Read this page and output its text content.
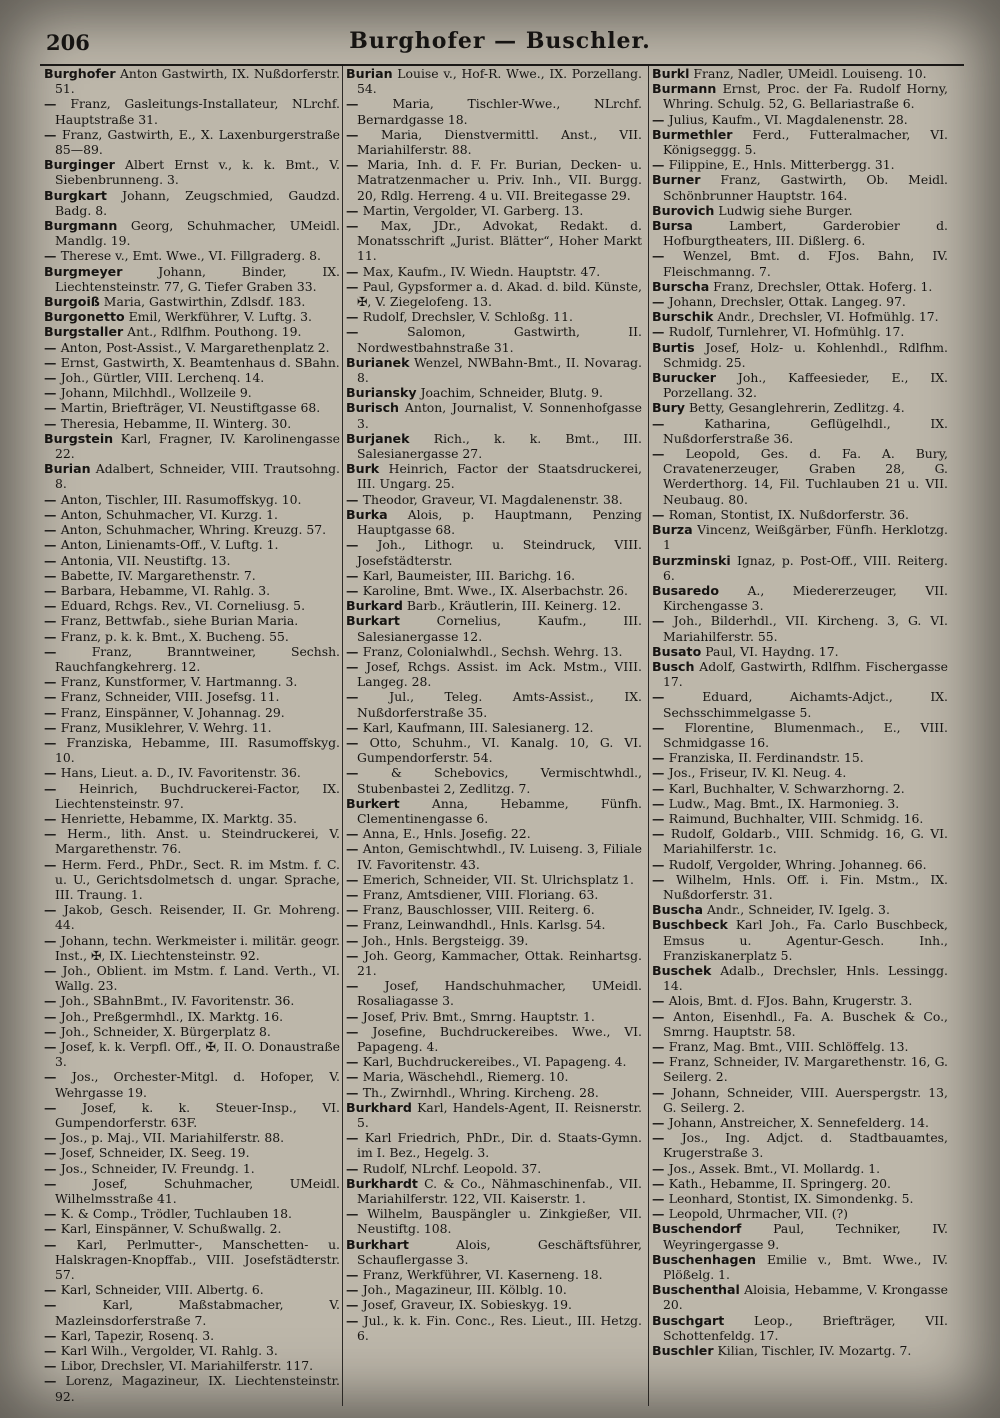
206	Burghofer — Buschler.
Burghofer Anton Gastwirth, IX. Nußdorferstr. 51.
— Franz, Gasleitungs-Installateur, NLrchf. Hauptstraße 31.
— Franz, Gastwirth, E., X. Laxenburgerstraße 85—89.
Burginger Albert Ernst v., k. k. Bmt., V. Siebenbrunneng. 3.
Burgkart Johann, Zeugschmied, Gaudzd. Badg. 8.
Burgmann Georg, Schuhmacher, UMeidl. Mandlg. 19.
— Therese v., Emt. Wwe., VI. Fillgraderg. 8.
Burgmeyer	Johann, Binder, IX. Liechtensteinstr. 77, G. Tiefer Graben 33.
Burgoiß Maria, Gastwirthin, Zdlsdf. 183.
Burgonetto Emil, Werkführer, V. Luftg. 3.
Burgstaller Ant., Rdlfhm. Pouthong. 19.
— Anton, Post-Assist., V. Margarethenplatz 2.
— Ernst, Gastwirth, X. Beamtenhaus d. SBahn.
— Joh., Gürtler, VIII. Lerchenq. 14.
— Johann, Milchhdl., Wollzeile 9.
— Martin, Briefträger, VI. Neustiftgasse 68.
— Theresia, Hebamme, II. Winterg. 30.
Burgstein Karl, Fragner, IV. Karolinengasse 22.
Burian Adalbert, Schneider, VIII. Trautsohng. 8.
— Anton, Tischler, III. Rasumoffskyg. 10.
— Anton, Schuhmacher, VI. Kurzg. 1.
— Anton, Schuhmacher, Whring. Kreuzg. 57.
— Anton, Linienamts-Off., V. Luftg. 1.
— Antonia, VII. Neustiftg. 13.
— Babette, IV. Margarethenstr. 7.
— Barbara, Hebamme, VI. Rahlg. 3.
— Eduard, Rchgs. Rev., VI. Corneliusg. 5.
— Franz, Bettwfab., siehe Burian Maria.
— Franz, p. k. k. Bmt., X. Bucheng. 55.
— Franz, Branntweiner, Sechsh. Rauchfangkehrerg. 12.
— Franz, Kunstformer, V. Hartmanng. 3.
— Franz, Schneider, VIII. Josefsg. 11.
— Franz, Einspänner, V. Johannag. 29.
— Franz, Musiklehrer, V. Wehrg. 11.
— Franziska, Hebamme, III. Rasumoffskyg. 10.
— Hans, Lieut. a. D., IV. Favoritenstr. 36.
— Heinrich, Buchdruckerei-Factor, IX. Liechtensteinstr. 97.
— Henriette, Hebamme, IX. Marktg. 35.
— Herm., lith. Anst. u. Steindruckerei, V. Margarethenstr. 76.
— Herm. Ferd., PhDr., Sect. R. im Mstm. f. C. u. U., Gerichtsdolmetsch d. ungar. Sprache, III. Traung. 1.
— Jakob, Gesch. Reisender, II. Gr. Mohreng. 44.
— Johann, techn. Werkmeister i. militär. geogr. Inst., ✠, IX. Liechtensteinstr. 92.
— Joh., Oblient. im Mstm. f. Land. Verth., VI. Wallg. 23.
— Joh., SBahnBmt., IV. Favoritenstr. 36.
— Joh., Preßgermhdl., IX. Marktg. 16.
— Joh., Schneider, X. Bürgerplatz 8.
— Josef, k. k. Verpfl. Off., ✠, II. O. Donaustraße 3.
— Jos., Orchester-Mitgl. d. Hofoper, V. Wehrgasse 19.
— Josef, k. k. Steuer-Insp., VI. Gumpendorferstr. 63F.
— Jos., p. Maj., VII. Mariahilferstr. 88.
— Josef, Schneider, IX. Seeg. 19.
— Jos., Schneider, IV. Freundg. 1.
— Josef, Schuhmacher, UMeidl. Wilhelmsstraße 41.
— K. & Comp., Trödler, Tuchlauben 18.
— Karl, Einspänner, V. Schußwallg. 2.
— Karl, Perlmutter-, Manschetten- u. Halskragen-Knopffab., VIII. Josefstädterstr. 57.
— Karl, Schneider, VIII. Albertg. 6.
— Karl, Maßstabmacher, V. Mazleinsdorferstraße 7.
— Karl, Tapezir, Rosenq. 3.
— Karl Wilh., Vergolder, VI. Rahlg. 3.
— Libor, Drechsler, VI. Mariahilferstr. 117.
— Lorenz, Magazineur, IX. Liechtensteinstr. 92.
Burian Louise v., Hof-R. Wwe., IX. Porzellang. 54.
— Maria, Tischler-Wwe., NLrchf. Bernardgasse 18.
— Maria, Dienstvermittl. Anst., VII. Mariahilferstr. 88.
— Maria, Inh. d. F. Fr. Burian, Decken- u. Matratzenmacher u. Priv. Inh., VII. Burgg. 20, Rdlg. Herreng. 4 u. VII. Breitegasse 29.
— Martin, Vergolder, VI. Garberg. 13.
— Max, JDr., Advokat, Redakt. d. Monatsschrift „Jurist. Blätter“, Hoher Markt 11.
— Max, Kaufm., IV. Wiedn. Hauptstr. 47.
— Paul, Gypsformer a. d. Akad. d. bild. Künste, ✠, V. Ziegelofeng. 13.
— Rudolf, Drechsler, V. Schloßg. 11.
— Salomon, Gastwirth, II. Nordwestbahnstraße 31.
Burianek Wenzel, NWBahn-Bmt., II. Novarag. 8.
Buriansky Joachim, Schneider, Blutg. 9.
Burisch Anton, Journalist, V. Sonnenhofgasse 3.
Burjanek Rich., k. k. Bmt., III. Salesianergasse 27.
Burk Heinrich, Factor der Staatsdruckerei, III. Ungarg. 25.
— Theodor, Graveur, VI. Magdalenenstr. 38.
Burka Alois, p. Hauptmann, Penzing Hauptgasse 68.
— Joh., Lithogr. u. Steindruck, VIII. Josefstädterstr.
— Karl, Baumeister, III. Barichg. 16.
— Karoline, Bmt. Wwe., IX. Alserbachstr. 26.
Burkard Barb., Kräutlerin, III. Keinerg. 12.
Burkart	Cornelius, Kaufm., III. Salesianergasse 12.
— Franz, Colonialwhdl., Sechsh. Wehrg. 13.
— Josef, Rchgs. Assist. im Ack. Mstm., VIII. Langeg. 28.
— Jul., Teleg. Amts-Assist., IX. Nußdorferstraße 35.
— Karl, Kaufmann, III. Salesianerg. 12.
— Otto, Schuhm., VI. Kanalg. 10, G. VI. Gumpendorferstr. 54.
— & Schebovics, Vermischtwhdl., Stubenbastei 2, Zedlitzg. 7.
Burkert	Anna, Hebamme, Fünfh. Clementinengasse 6.
— Anna, E., Hnls. Josefig. 22.
— Anton, Gemischtwhdl., IV. Luiseng. 3, Filiale IV. Favoritenstr. 43.
— Emerich, Schneider, VII. St. Ulrichsplatz 1.
— Franz, Amtsdiener, VIII. Floriang. 63.
— Franz, Bauschlosser, VIII. Reiterg. 6.
— Franz, Leinwandhdl., Hnls. Karlsg. 54.
— Joh., Hnls. Bergsteigg. 39.
— Joh. Georg, Kammacher, Ottak. Reinhartsg. 21.
— Josef, Handschuhmacher, UMeidl. Rosaliagasse 3.
— Josef, Priv. Bmt., Smrng. Hauptstr. 1.
— Josefine, Buchdruckereibes. Wwe., VI. Papageng. 4.
— Karl, Buchdruckereibes., VI. Papageng. 4.
— Maria, Wäschehdl., Riemerg. 10.
— Th., Zwirnhdl., Whring. Kircheng. 28.
Burkhard Karl, Handels-Agent, II. Reisnerstr. 5.
— Karl Friedrich, PhDr., Dir. d. Staats-Gymn. im I. Bez., Hegelg. 3.
— Rudolf, NLrchf. Leopold. 37.
Burkhardt C. & Co., Nähmaschinenfab., VII. Mariahilferstr. 122, VII. Kaiserstr. 1.
— Wilhelm, Bauspängler u. Zinkgießer, VII. Neustiftg. 108.
Burkhart	Alois, Geschäftsführer, Schauflergasse 3.
— Franz, Werkführer, VI. Kaserneng. 18.
— Joh., Magazineur, III. Kölblg. 10.
— Josef, Graveur, IX. Sobieskyg. 19.
— Jul., k. k. Fin. Conc., Res. Lieut., III. Hetzg. 6.
Burkl Franz, Nadler, UMeidl. Louiseng. 10.
Burmann Ernst, Proc. der Fa. Rudolf Horny, Whring. Schulg. 52, G. Bellariastraße 6.
— Julius, Kaufm., VI. Magdalenenstr. 28.
Burmethler Ferd., Futteralmacher, VI. Königseggg. 5.
— Filippine, E., Hnls. Mitterbergg. 31.
Burner Franz, Gastwirth, Ob. Meidl. Schönbrunner Hauptstr. 164.
Burovich Ludwig siehe Burger.
Bursa	Lambert, Garderobier d. Hofburgtheaters, III. Dißlerg. 6.
— Wenzel, Bmt. d. FJos. Bahn, IV. Fleischmanng. 7.
Burscha Franz, Drechsler, Ottak. Hoferg. 1.
— Johann, Drechsler, Ottak. Langeg. 97.
Burschik Andr., Drechsler, VI. Hofmühlg. 17.
— Rudolf, Turnlehrer, VI. Hofmühlg. 17.
Burtis Josef, Holz- u. Kohlenhdl., Rdlfhm. Schmidg. 25.
Burucker Joh., Kaffeesieder, E., IX. Porzellang. 32.
Bury Betty, Gesanglehrerin, Zedlitzg. 4.
— Katharina, Geflügelhdl., IX. Nußdorferstraße 36.
— Leopold, Ges. d. Fa. A. Bury, Cravatenerzeuger, Graben 28, G. Werderthorg. 14, Fil. Tuchlauben 21 u. VII. Neubaug. 80.
— Roman, Stontist, IX. Nußdorferstr. 36.
Burza Vincenz, Weißgärber, Fünfh. Herklotzg. 1
Burzminski Ignaz, p. Post-Off., VIII. Reiterg. 6.
Busaredo A., Miedererzeuger, VII. Kirchengasse 3.
— Joh., Bilderhdl., VII. Kircheng. 3, G. VI. Mariahilferstr. 55.
Busato Paul, VI. Haydng. 17.
Busch Adolf, Gastwirth, Rdlfhm. Fischergasse 17.
— Eduard, Aichamts-Adjct., IX. Sechsschimmelgasse 5.
— Florentine, Blumenmach., E., VIII. Schmidgasse 16.
— Franziska, II. Ferdinandstr. 15.
— Jos., Friseur, IV. Kl. Neug. 4.
— Karl, Buchhalter, V. Schwarzhorng. 2.
— Ludw., Mag. Bmt., IX. Harmonieg. 3.
— Raimund, Buchhalter, VIII. Schmidg. 16.
— Rudolf, Goldarb., VIII. Schmidg. 16, G. VI. Mariahilferstr. 1c.
— Rudolf, Vergolder, Whring. Johanneg. 66.
— Wilhelm, Hnls. Off. i. Fin. Mstm., IX. Nußdorferstr. 31.
Buscha Andr., Schneider, IV. Igelg. 3.
Buschbeck Karl Joh., Fa. Carlo Buschbeck, Emsus u. Agentur-Gesch. Inh., Franziskanerplatz 5.
Buschek Adalb., Drechsler, Hnls. Lessingg. 14.
— Alois, Bmt. d. FJos. Bahn, Krugerstr. 3.
— Anton, Eisenhdl., Fa. A. Buschek & Co., Smrng. Hauptstr. 58.
— Franz, Mag. Bmt., VIII. Schlöffelg. 13.
— Franz, Schneider, IV. Margarethenstr. 16, G. Seilerg. 2.
— Johann, Schneider, VIII. Auerspergstr. 13, G. Seilerg. 2.
— Johann, Anstreicher, X. Sennefelderg. 14.
— Jos., Ing. Adjct. d. Stadtbauamtes, Krugerstraße 3.
— Jos., Assek. Bmt., VI. Mollardg. 1.
— Kath., Hebamme, II. Springerg. 20.
— Leonhard, Stontist, IX. Simondenkg. 5.
— Leopold, Uhrmacher, VII. (?)
Buschendorf	Paul, Techniker, IV. Weyringergasse 9.
Buschenhagen Emilie v., Bmt. Wwe., IV. Plößelg. 1.
Buschenthal Aloisia, Hebamme, V. Krongasse 20.
Buschgart Leop., Briefträger, VII. Schottenfeldg. 17.
Buschler Kilian, Tischler, IV. Mozartg. 7.
